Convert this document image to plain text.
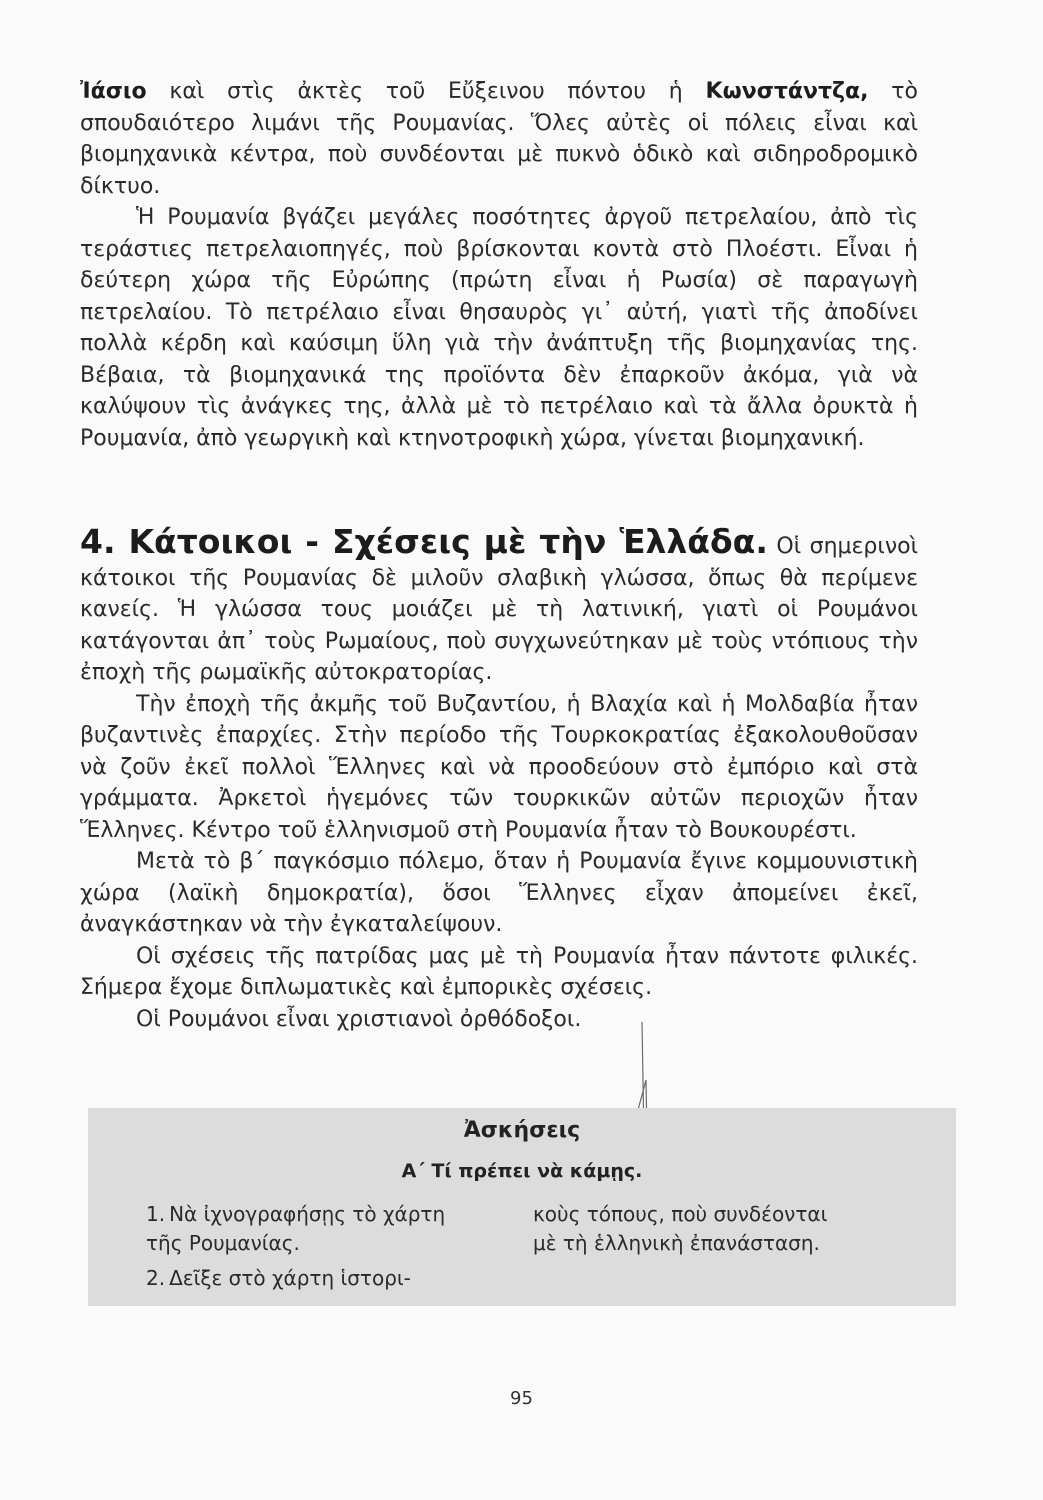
Ἰάσιο καὶ στὶς ἀκτὲς τοῦ Εὔξεινου πόντου ἡ Κωνστάντζα, τὸ σπουδαιότερο λιμάνι τῆς Ρουμανίας. Ὅλες αὐτὲς οἱ πόλεις εἶναι καὶ βιομηχανικὰ κέντρα, ποὺ συνδέονται μὲ πυκνὸ ὁδικὸ καὶ σιδηροδρομικὸ δίκτυο.

Ἡ Ρουμανία βγάζει μεγάλες ποσότητες ἀργοῦ πετρελαίου, ἀπὸ τὶς τεράστιες πετρελαιοπηγές, ποὺ βρίσκονται κοντὰ στὸ Πλοέστι. Εἶναι ἡ δεύτερη χώρα τῆς Εὐρώπης (πρώτη εἶναι ἡ Ρωσία) σὲ παραγωγὴ πετρελαίου. Τὸ πετρέλαιο εἶναι θησαυρὸς γι᾽ αὐτή, γιατὶ τῆς ἀποδίνει πολλὰ κέρδη καὶ καύσιμη ὕλη γιὰ τὴν ἀνάπτυξη τῆς βιομηχανίας της. Βέβαια, τὰ βιομηχανικά της προϊόντα δὲν ἐπαρκοῦν ἀκόμα, γιὰ νὰ καλύψουν τὶς ἀνάγκες της, ἀλλὰ μὲ τὸ πετρέλαιο καὶ τὰ ἄλλα ὀρυκτὰ ἡ Ρουμανία, ἀπὸ γεωργικὴ καὶ κτηνοτροφικὴ χώρα, γίνεται βιομηχανική.

4. Κάτοικοι - Σχέσεις μὲ τὴν Ἑλλάδα. Οἱ σημερινοὶ κάτοικοι τῆς Ρουμανίας δὲ μιλοῦν σλαβικὴ γλώσσα, ὅπως θὰ περίμενε κανείς. Ἡ γλώσσα τους μοιάζει μὲ τὴ λατινική, γιατὶ οἱ Ρουμάνοι κατάγονται ἀπ᾽ τοὺς Ρωμαίους, ποὺ συγχωνεύτηκαν μὲ τοὺς ντόπιους τὴν ἐποχὴ τῆς ρωμαϊκῆς αὐτοκρατορίας.

Τὴν ἐποχὴ τῆς ἀκμῆς τοῦ Βυζαντίου, ἡ Βλαχία καὶ ἡ Μολδαβία ἦταν βυζαντινὲς ἐπαρχίες. Στὴν περίοδο τῆς Τουρκοκρατίας ἐξακολουθοῦσαν νὰ ζοῦν ἐκεῖ πολλοὶ Ἕλληνες καὶ νὰ προοδεύουν στὸ ἐμπόριο καὶ στὰ γράμματα. Ἀρκετοὶ ἡγεμόνες τῶν τουρκικῶν αὐτῶν περιοχῶν ἦταν Ἕλληνες. Κέντρο τοῦ ἑλληνισμοῦ στὴ Ρουμανία ἦταν τὸ Βουκουρέστι.

Μετὰ τὸ β΄ παγκόσμιο πόλεμο, ὅταν ἡ Ρουμανία ἔγινε κομμουνιστικὴ χώρα (λαϊκὴ δημοκρατία), ὅσοι Ἕλληνες εἶχαν ἀπομείνει ἐκεῖ, ἀναγκάστηκαν νὰ τὴν ἐγκαταλείψουν.

Οἱ σχέσεις τῆς πατρίδας μας μὲ τὴ Ρουμανία ἦταν πάντοτε φιλικές. Σήμερα ἔχομε διπλωματικὲς καὶ ἐμπορικὲς σχέσεις.

Οἱ Ρουμάνοι εἶναι χριστιανοὶ ὀρθόδοξοι.

Ἀσκήσεις
Α΄ Τί πρέπει νὰ κάμῃς.
1. Νὰ ἰχνογραφήσῃς τὸ χάρτη τῆς Ρουμανίας.
2. Δεῖξε στὸ χάρτη ἱστορι-
κοὺς τόπους, ποὺ συνδέονται μὲ τὴ ἑλληνικὴ ἐπανάσταση.
95
